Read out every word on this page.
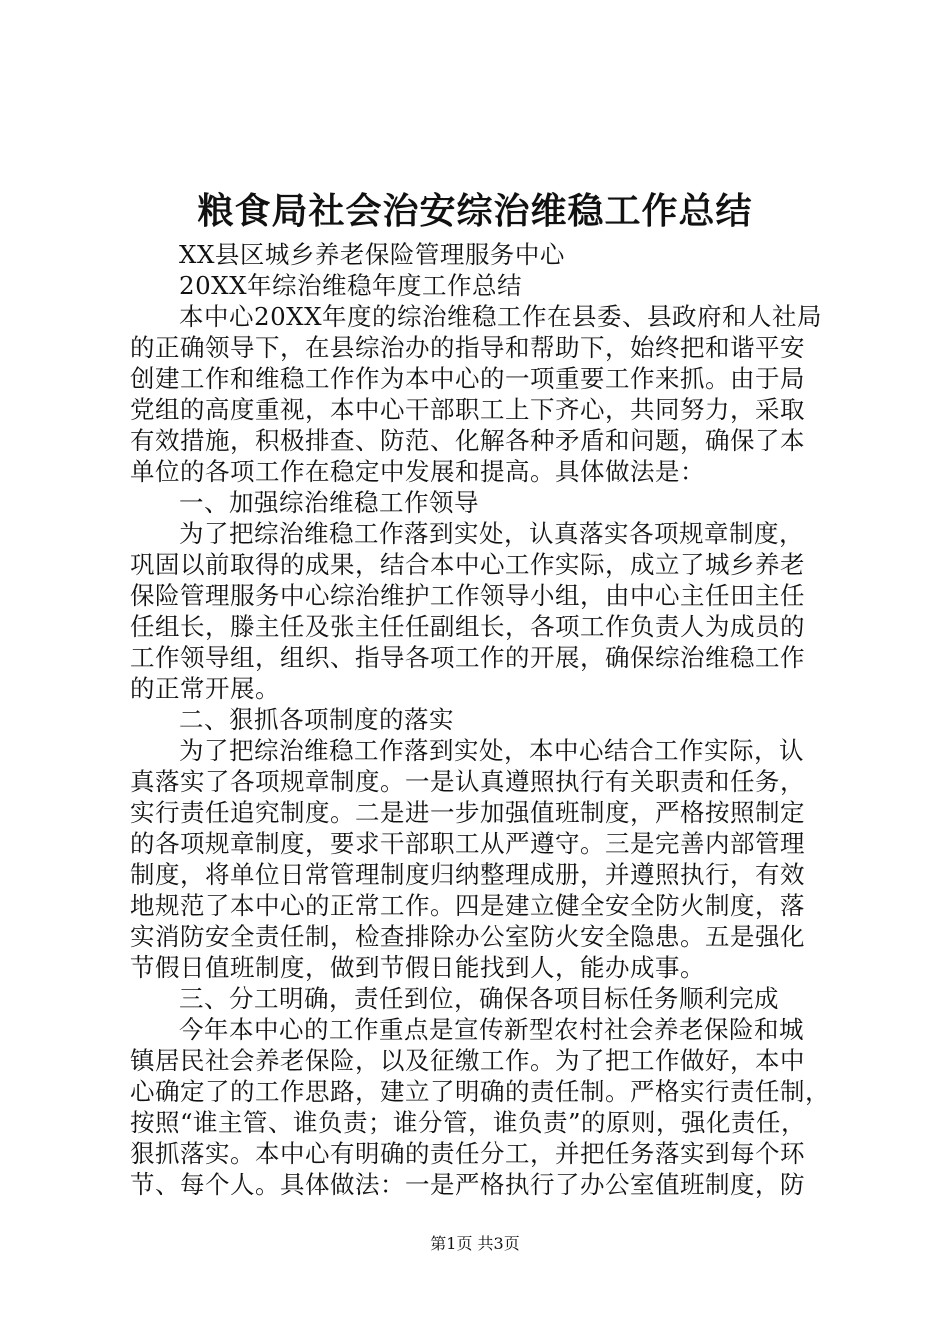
粮食局社会治安综治维稳工作总结
XX县区城乡养老保险管理服务中心
20XX年综治维稳年度工作总结
本中心20XX年度的综治维稳工作在县委、县政府和人社局
的正确领导下，在县综治办的指导和帮助下，始终把和谐平安
创建工作和维稳工作作为本中心的一项重要工作来抓。由于局
党组的高度重视，本中心干部职工上下齐心，共同努力，采取
有效措施，积极排查、防范、化解各种矛盾和问题，确保了本
单位的各项工作在稳定中发展和提高。具体做法是：
一、加强综治维稳工作领导
为了把综治维稳工作落到实处，认真落实各项规章制度，
巩固以前取得的成果，结合本中心工作实际，成立了城乡养老
保险管理服务中心综治维护工作领导小组，由中心主任田主任
任组长，滕主任及张主任任副组长，各项工作负责人为成员的
工作领导组，组织、指导各项工作的开展，确保综治维稳工作
的正常开展。
二、狠抓各项制度的落实
为了把综治维稳工作落到实处，本中心结合工作实际，认
真落实了各项规章制度。一是认真遵照执行有关职责和任务，
实行责任追究制度。二是进一步加强值班制度，严格按照制定
的各项规章制度，要求干部职工从严遵守。三是完善内部管理
制度，将单位日常管理制度归纳整理成册，并遵照执行，有效
地规范了本中心的正常工作。四是建立健全安全防火制度，落
实消防安全责任制，检查排除办公室防火安全隐患。五是强化
节假日值班制度，做到节假日能找到人，能办成事。
三、分工明确，责任到位，确保各项目标任务顺利完成
今年本中心的工作重点是宣传新型农村社会养老保险和城
镇居民社会养老保险，以及征缴工作。为了把工作做好，本中
心确定了的工作思路，建立了明确的责任制。严格实行责任制，
按照“谁主管、谁负责；谁分管，谁负责”的原则，强化责任，
狠抓落实。本中心有明确的责任分工，并把任务落实到每个环
节、每个人。具体做法：一是严格执行了办公室值班制度，防
第1页 共3页
